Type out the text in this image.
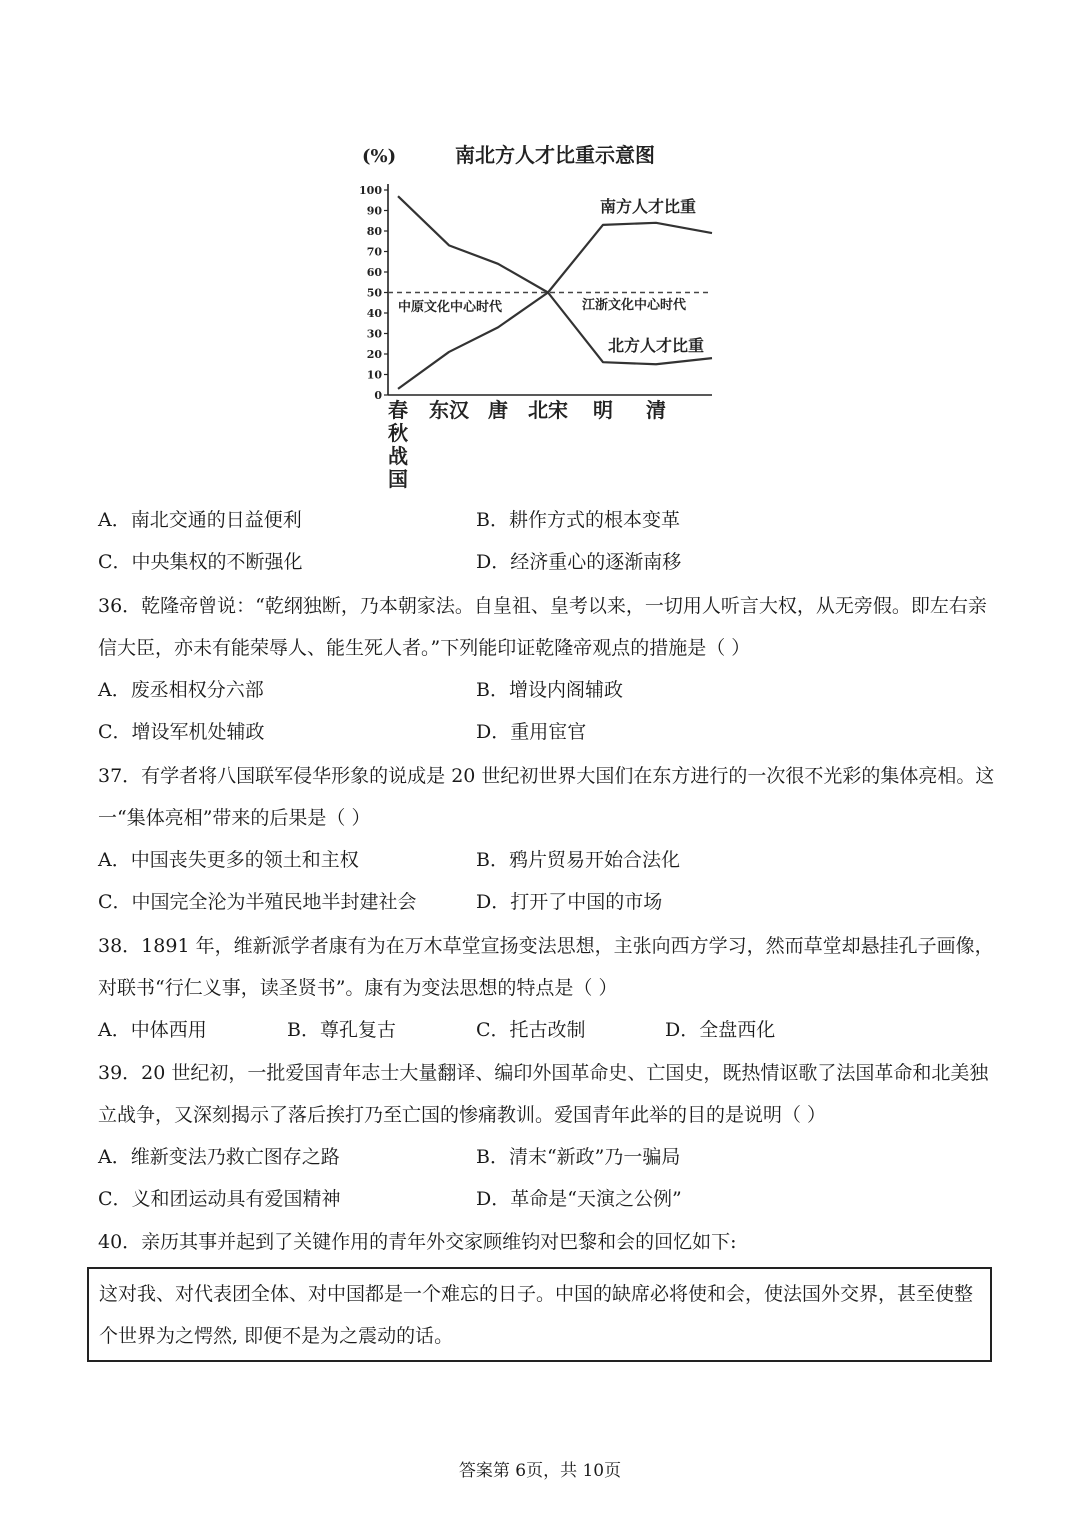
(%)	南北方人才比重示意图
0
10
20
30
40
50
60
70
80
90
100
春
秋
战
国
东汉 唐 北宋 明 清
中原文化中心时代	江浙文化中心时代
南方人才比重
北方人才比重
A．南北交通的日益便利	B．耕作方式的根本变革
C．中央集权的不断强化	D．经济重心的逐渐南移
36．乾隆帝曾说：“乾纲独断，乃本朝家法。自皇祖、皇考以来，一切用人听言大权，从无旁假。即左右亲
信大臣，亦未有能荣辱人、能生死人者。”下列能印证乾隆帝观点的措施是（ ）
A．废丞相权分六部	B．增设内阁辅政
C．增设军机处辅政	D．重用宦官
37．有学者将八国联军侵华形象的说成是 20 世纪初世界大国们在东方进行的一次很不光彩的集体亮相。这
一“集体亮相”带来的后果是（ ）
A．中国丧失更多的领土和主权	B．鸦片贸易开始合法化
C．中国完全沦为半殖民地半封建社会	D．打开了中国的市场
38．1891 年，维新派学者康有为在万木草堂宣扬变法思想，主张向西方学习，然而草堂却悬挂孔子画像，
对联书“行仁义事，读圣贤书”。康有为变法思想的特点是（ ）
A．中体西用	B．尊孔复古	C．托古改制	D．全盘西化
39．20 世纪初，一批爱国青年志士大量翻译、编印外国革命史、亡国史，既热情讴歌了法国革命和北美独
立战争，又深刻揭示了落后挨打乃至亡国的惨痛教训。爱国青年此举的目的是说明（ ）
A．维新变法乃救亡图存之路	B．清末“新政”乃一骗局
C．义和团运动具有爱国精神	D．革命是“天演之公例”
40．亲历其事并起到了关键作用的青年外交家顾维钧对巴黎和会的回忆如下:
这对我、对代表团全体、对中国都是一个难忘的日子。中国的缺席必将使和会，使法国外交界，甚至使整
个世界为之愕然, 即便不是为之震动的话。
答案第 6页，共 10页
